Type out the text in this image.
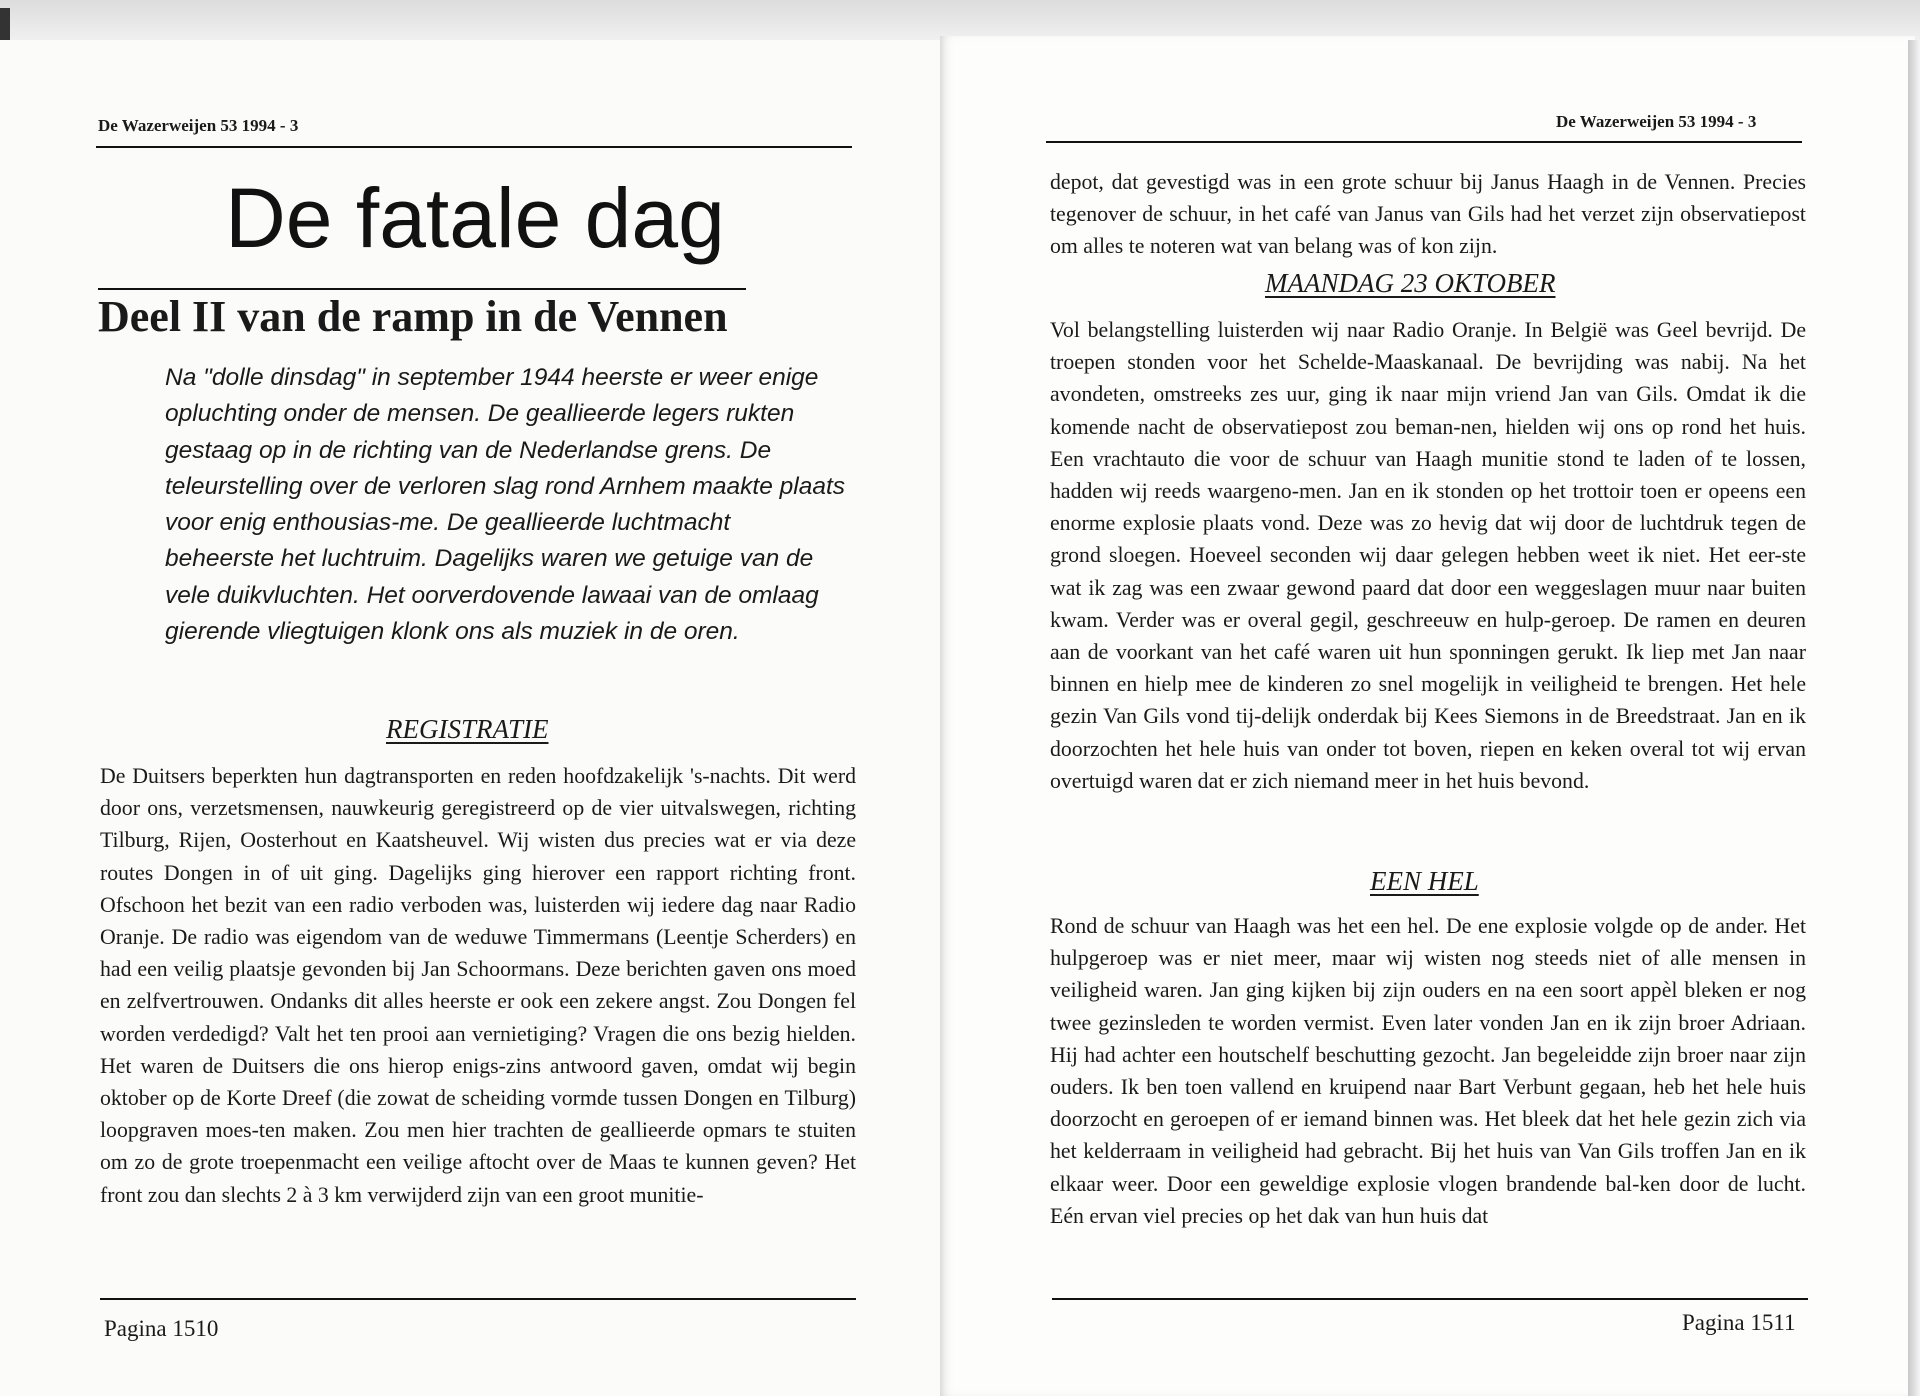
De Wazerweijen 53 1994 - 3
De fatale dag
Deel II van de ramp in de Vennen
Na "dolle dinsdag" in september 1944 heerste er weer enige opluchting onder de mensen. De geallieerde legers rukten gestaag op in de richting van de Nederlandse grens. De teleurstelling over de verloren slag rond Arnhem maakte plaats voor enig enthousias-me. De geallieerde luchtmacht beheerste het luchtruim. Dagelijks waren we getuige van de vele duikvluchten. Het oorverdovende lawaai van de omlaag gierende vliegtuigen klonk ons als muziek in de oren.
REGISTRATIE
De Duitsers beperkten hun dagtransporten en reden hoofdzakelijk 's-nachts. Dit werd door ons, verzetsmensen, nauwkeurig geregistreerd op de vier uitvalswegen, richting Tilburg, Rijen, Oosterhout en Kaatsheuvel. Wij wisten dus precies wat er via deze routes Dongen in of uit ging. Dagelijks ging hierover een rapport richting front. Ofschoon het bezit van een radio verboden was, luisterden wij iedere dag naar Radio Oranje. De radio was eigendom van de weduwe Timmermans (Leentje Scherders) en had een veilig plaatsje gevonden bij Jan Schoormans. Deze berichten gaven ons moed en zelfvertrouwen. Ondanks dit alles heerste er ook een zekere angst. Zou Dongen fel worden verdedigd? Valt het ten prooi aan vernietiging? Vragen die ons bezig hielden. Het waren de Duitsers die ons hierop enigs-zins antwoord gaven, omdat wij begin oktober op de Korte Dreef (die zowat de scheiding vormde tussen Dongen en Tilburg) loopgraven moes-ten maken. Zou men hier trachten de geallieerde opmars te stuiten om zo de grote troepenmacht een veilige aftocht over de Maas te kunnen geven? Het front zou dan slechts 2 à 3 km verwijderd zijn van een groot munitie-
Pagina 1510
De Wazerweijen 53 1994 - 3
depot, dat gevestigd was in een grote schuur bij Janus Haagh in de Vennen. Precies tegenover de schuur, in het café van Janus van Gils had het verzet zijn observatiepost om alles te noteren wat van belang was of kon zijn.
MAANDAG 23 OKTOBER
Vol belangstelling luisterden wij naar Radio Oranje. In België was Geel bevrijd. De troepen stonden voor het Schelde-Maaskanaal. De bevrijding was nabij. Na het avondeten, omstreeks zes uur, ging ik naar mijn vriend Jan van Gils. Omdat ik die komende nacht de observatiepost zou beman-nen, hielden wij ons op rond het huis. Een vrachtauto die voor de schuur van Haagh munitie stond te laden of te lossen, hadden wij reeds waargeno-men. Jan en ik stonden op het trottoir toen er opeens een enorme explosie plaats vond. Deze was zo hevig dat wij door de luchtdruk tegen de grond sloegen. Hoeveel seconden wij daar gelegen hebben weet ik niet. Het eer-ste wat ik zag was een zwaar gewond paard dat door een weggeslagen muur naar buiten kwam. Verder was er overal gegil, geschreeuw en hulp-geroep. De ramen en deuren aan de voorkant van het café waren uit hun sponningen gerukt. Ik liep met Jan naar binnen en hielp mee de kinderen zo snel mogelijk in veiligheid te brengen. Het hele gezin Van Gils vond tij-delijk onderdak bij Kees Siemons in de Breedstraat. Jan en ik doorzochten het hele huis van onder tot boven, riepen en keken overal tot wij ervan overtuigd waren dat er zich niemand meer in het huis bevond.
EEN HEL
Rond de schuur van Haagh was het een hel. De ene explosie volgde op de ander. Het hulpgeroep was er niet meer, maar wij wisten nog steeds niet of alle mensen in veiligheid waren. Jan ging kijken bij zijn ouders en na een soort appèl bleken er nog twee gezinsleden te worden vermist. Even later vonden Jan en ik zijn broer Adriaan. Hij had achter een houtschelf beschutting gezocht. Jan begeleidde zijn broer naar zijn ouders. Ik ben toen vallend en kruipend naar Bart Verbunt gegaan, heb het hele huis doorzocht en geroepen of er iemand binnen was. Het bleek dat het hele gezin zich via het kelderraam in veiligheid had gebracht. Bij het huis van Van Gils troffen Jan en ik elkaar weer. Door een geweldige explosie vlogen brandende bal-ken door de lucht. Eén ervan viel precies op het dak van hun huis dat
Pagina 1511
